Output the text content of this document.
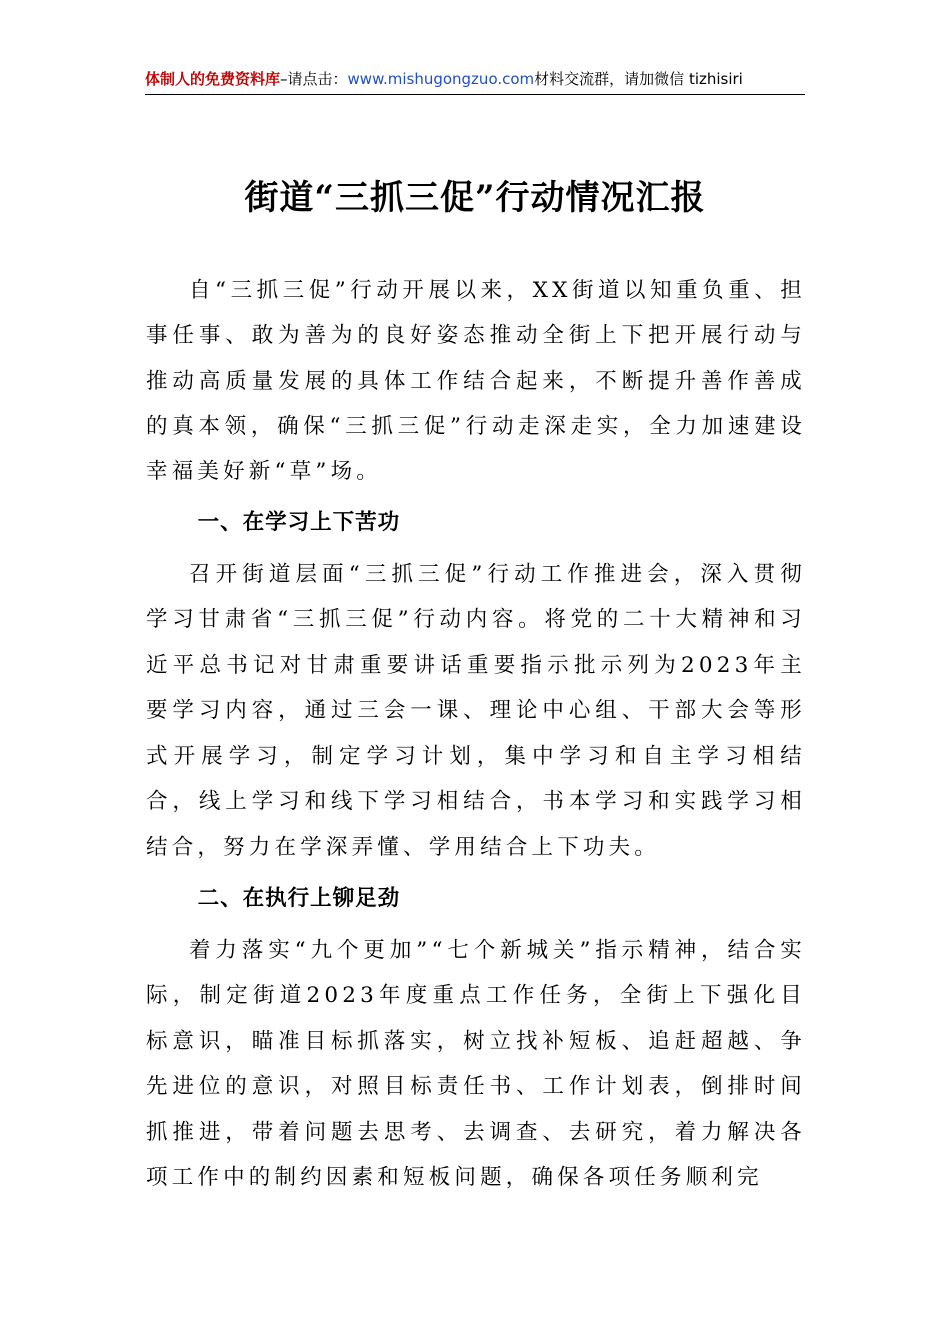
体制人的免费资料库–请点击：www.mishugongzuo.com材料交流群，请加微信 tizhisiri
街道“三抓三促”行动情况汇报

自“三抓三促”行动开展以来，XX街道以知重负重、担事任事、敢为善为的良好姿态推动全街上下把开展行动与推动高质量发展的具体工作结合起来，不断提升善作善成的真本领，确保“三抓三促”行动走深走实，全力加速建设幸福美好新“草”场。

一、在学习上下苦功

召开街道层面“三抓三促”行动工作推进会，深入贯彻学习甘肃省“三抓三促”行动内容。将党的二十大精神和习近平总书记对甘肃重要讲话重要指示批示列为2023年主要学习内容，通过三会一课、理论中心组、干部大会等形式开展学习，制定学习计划，集中学习和自主学习相结合，线上学习和线下学习相结合，书本学习和实践学习相结合，努力在学深弄懂、学用结合上下功夫。

二、在执行上铆足劲

着力落实“九个更加”“七个新城关”指示精神，结合实际，制定街道2023年度重点工作任务，全街上下强化目标意识，瞄准目标抓落实，树立找补短板、追赶超越、争先进位的意识，对照目标责任书、工作计划表，倒排时间抓推进，带着问题去思考、去调查、去研究，着力解决各项工作中的制约因素和短板问题，确保各项任务顺利完
